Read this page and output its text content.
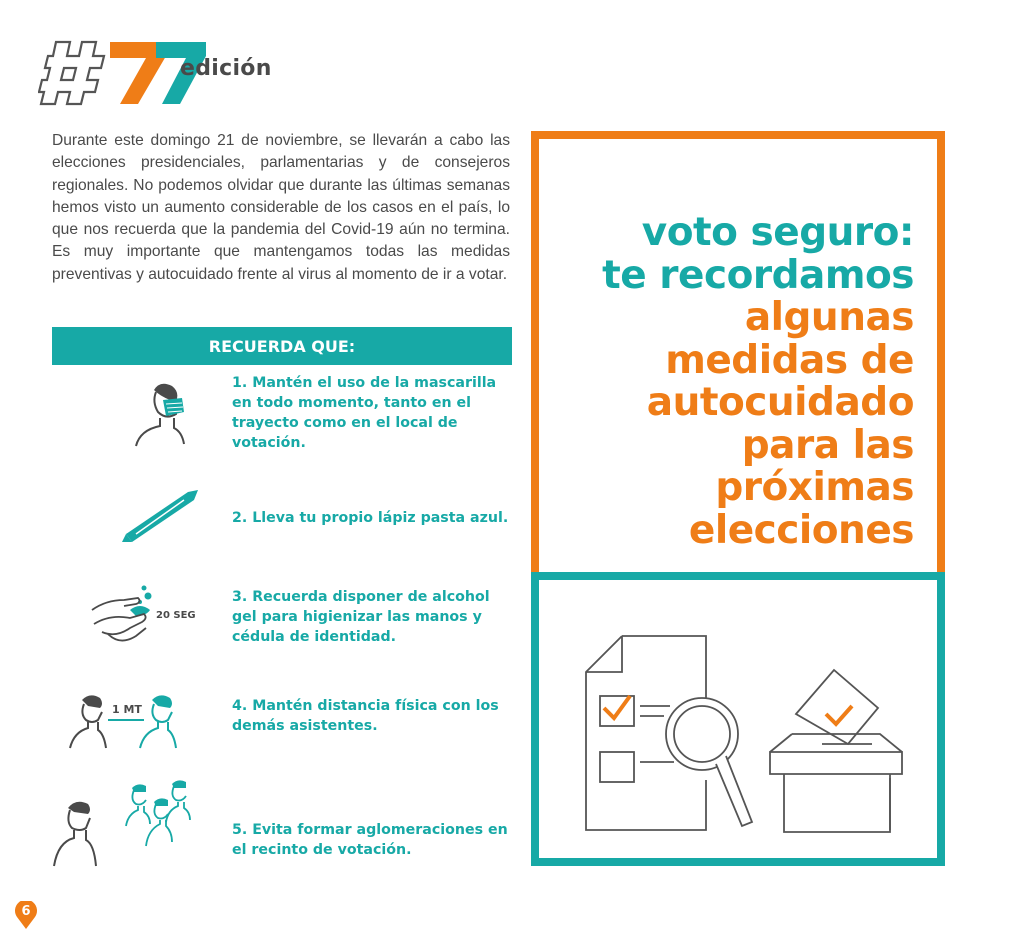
edición

Durante este domingo 21 de noviembre, se llevarán a cabo las elecciones presidenciales, parlamentarias y de consejeros regionales. No podemos olvidar que durante las últimas semanas hemos visto un aumento considerable de los casos en el país, lo que nos recuerda que la pandemia del Covid-19 aún no termina. Es muy importante que mantengamos todas las medidas preventivas y autocuidado frente al virus al momento de ir a votar.

RECUERDA QUE:

1. Mantén el uso de la mascarilla en todo momento, tanto en el trayecto como en el local de votación.

2. Lleva tu propio lápiz pasta azul.

20 SEG

3. Recuerda disponer de alcohol gel para higienizar las manos y cédula de identidad.

1 MT	4. Mantén distancia física con los demás asistentes.

5. Evita formar aglomeraciones en el recinto de votación.

voto seguro:
te recordamos
algunas
medidas de
autocuidado
para las
próximas
elecciones
6
